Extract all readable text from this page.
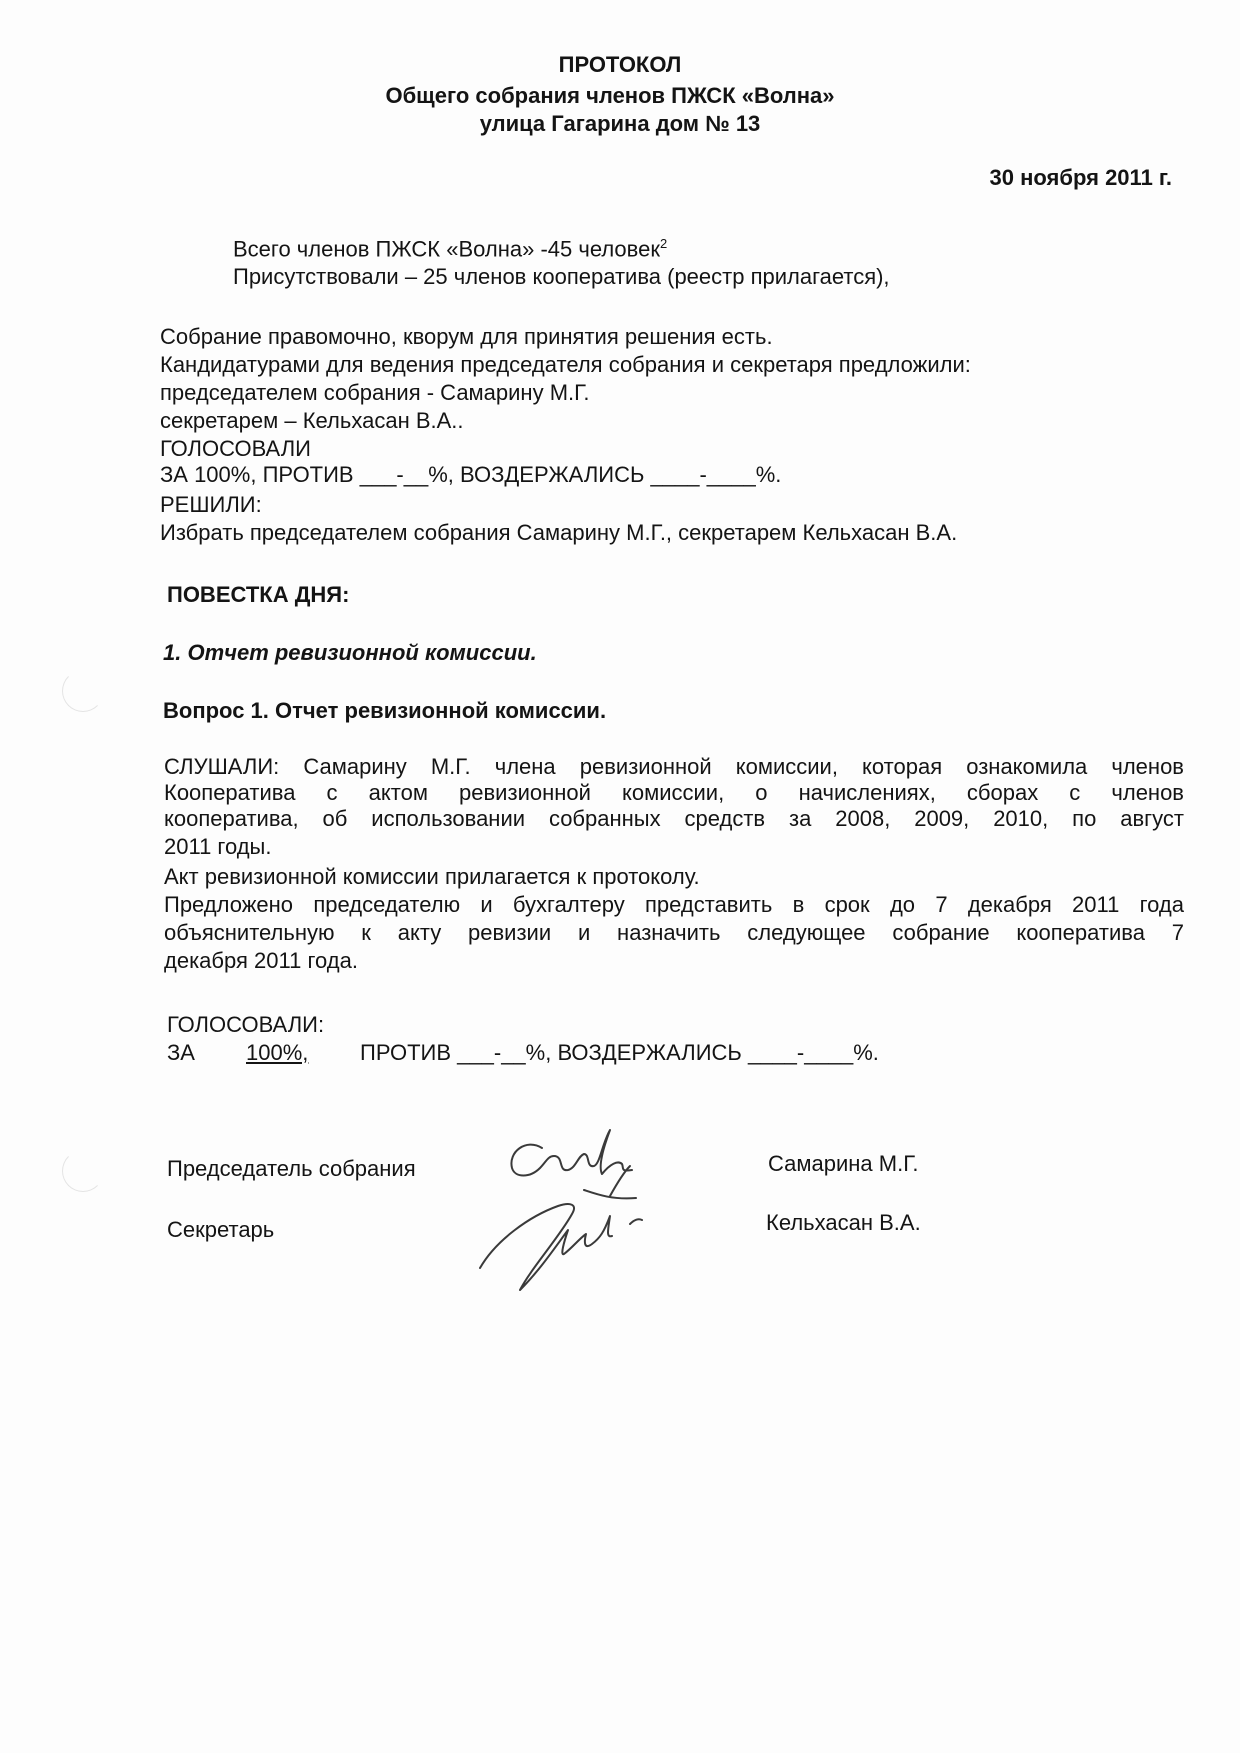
ПРОТОКОЛ
Общего собрания членов ПЖСК «Волна»
улица Гагарина дом № 13
30 ноября 2011 г.
Всего членов ПЖСК «Волна» -45 человек$^2$
Присутствовали – 25 членов кооператива (реестр прилагается),
Собрание правомочно, кворум для принятия решения есть.
Кандидатурами для ведения председателя собрания и секретаря предложили:
председателем собрания - Самарину М.Г.
секретарем – Кельхасан В.А..
ГОЛОСОВАЛИ
ЗА 100%, ПРОТИВ ___-__%, ВОЗДЕРЖАЛИСЬ ____-____%.
РЕШИЛИ:
Избрать председателем собрания Самарину М.Г., секретарем Кельхасан В.А.
ПОВЕСТКА ДНЯ:
1. Отчет ревизионной комиссии.
Вопрос 1. Отчет ревизионной комиссии.
СЛУШАЛИ: Самарину М.Г. члена ревизионной комиссии, которая ознакомила членов
Кооператива с актом ревизионной комиссии, о начислениях, сборах с членов
кооператива, об использовании собранных средств за 2008, 2009, 2010, по август
2011 годы.
Акт ревизионной комиссии прилагается к протоколу.
Предложено председателю и бухгалтеру представить в срок до 7 декабря 2011 года
объяснительную к акту ревизии и назначить следующее собрание кооператива 7
декабря 2011 года.
ГОЛОСОВАЛИ:
ЗА 100%, ПРОТИВ ___-__%, ВОЗДЕРЖАЛИСЬ ____-____%.
Председатель собрания	Самарина М.Г.
Секретарь	Кельхасан В.А.
